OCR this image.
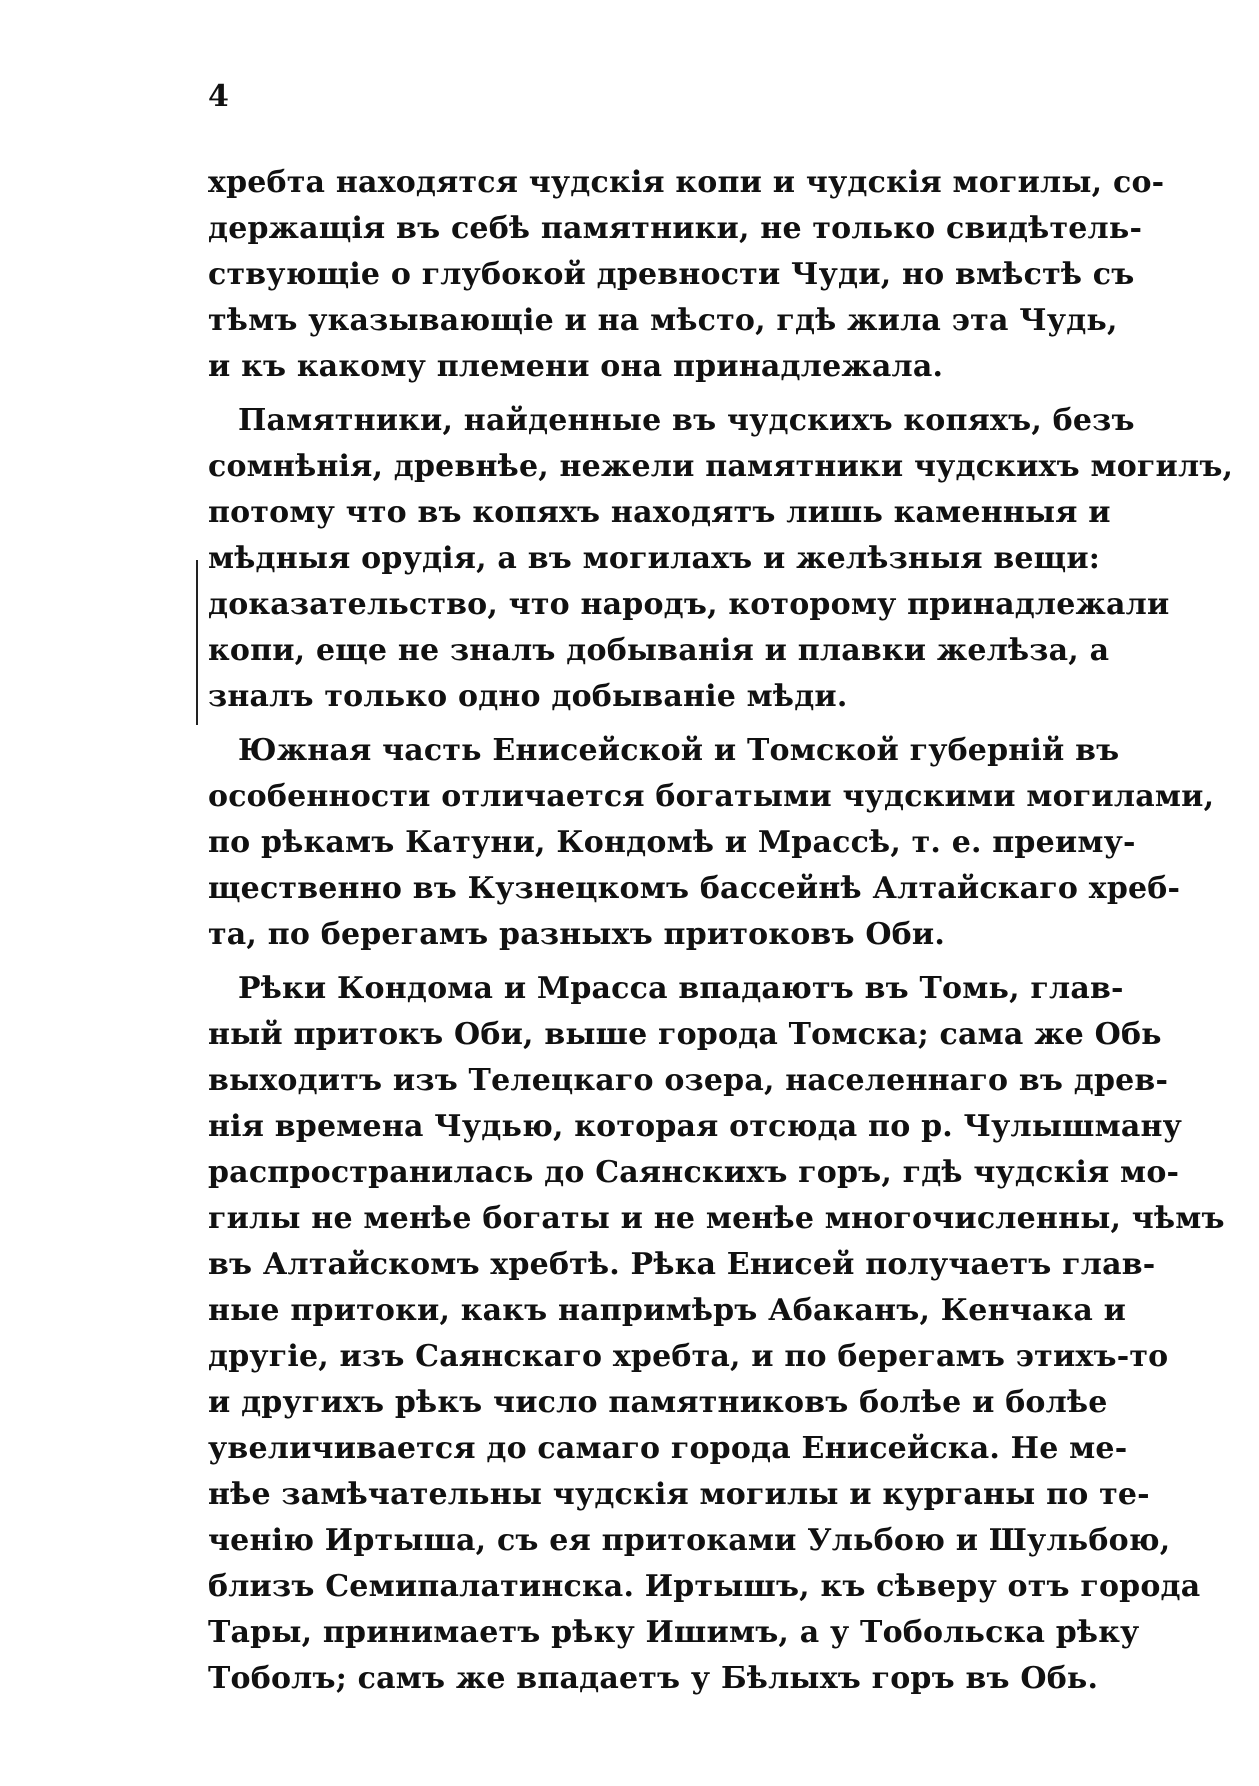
4

хребта находятся чудскія копи и чудскія могилы, со-
держащія въ себѣ памятники, не только свидѣтель-
ствующіе о глубокой древности Чуди, но вмѣстѣ съ
тѣмъ указывающіе и на мѣсто, гдѣ жила эта Чудь,
и къ какому племени она принадлежала.

Памятники, найденные въ чудскихъ копяхъ, безъ
сомнѣнія, древнѣе, нежели памятники чудскихъ могилъ,
потому что въ копяхъ находятъ лишь каменныя и
мѣдныя орудія, а въ могилахъ и желѣзныя вещи:
доказательство, что народъ, которому принадлежали
копи, еще не зналъ добыванія и плавки желѣза, а
зналъ только одно добываніе мѣди.

Южная часть Енисейской и Томской губерній въ
особенности отличается богатыми чудскими могилами,
по рѣкамъ Катуни, Кондомѣ и Мрассѣ, т. е. преиму-
щественно въ Кузнецкомъ бассейнѣ Алтайскаго хреб-
та, по берегамъ разныхъ притоковъ Оби.

Рѣки Кондома и Мрасса впадаютъ въ Томь, глав-
ный притокъ Оби, выше города Томска; сама же Обь
выходитъ изъ Телецкаго озера, населеннаго въ древ-
нія времена Чудью, которая отсюда по р. Чулышману
распространилась до Саянскихъ горъ, гдѣ чудскія мо-
гилы не менѣе богаты и не менѣе многочисленны, чѣмъ
въ Алтайскомъ хребтѣ. Рѣка Енисей получаетъ глав-
ные притоки, какъ напримѣръ Абаканъ, Кенчака и
другіе, изъ Саянскаго хребта, и по берегамъ этихъ-то
и другихъ рѣкъ число памятниковъ болѣе и болѣе
увеличивается до самаго города Енисейска. Не ме-
нѣе замѣчательны чудскія могилы и курганы по те-
ченію Иртыша, съ ея притоками Ульбою и Шульбою,
близъ Семипалатинска. Иртышъ, къ сѣверу отъ города
Тары, принимаетъ рѣку Ишимъ, а у Тобольска рѣку
Тоболъ; самъ же впадаетъ у Бѣлыхъ горъ въ Обь.
